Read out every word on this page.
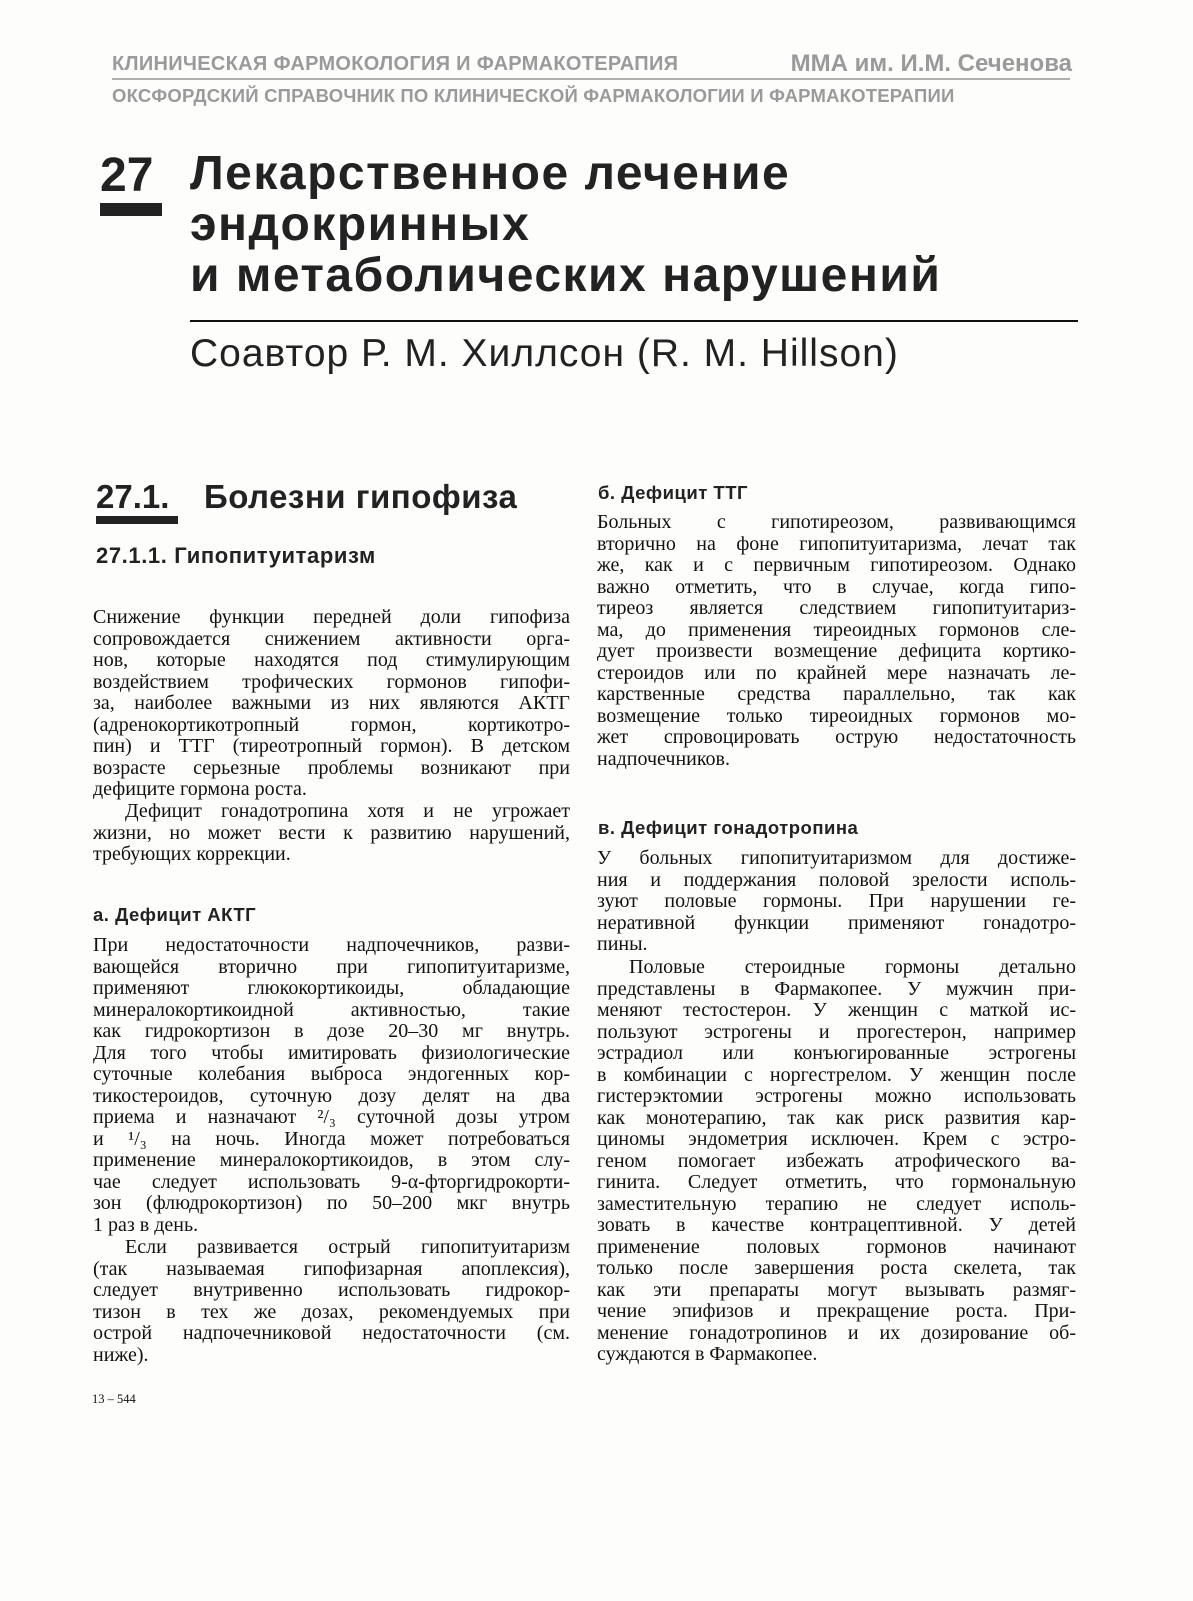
КЛИНИЧЕСКАЯ ФАРМОКОЛОГИЯ И ФАРМАКОТЕРАПИЯ	ММА им. И.М. Сеченова
ОКСФОРДСКИЙ СПРАВОЧНИК ПО КЛИНИЧЕСКОЙ ФАРМАКОЛОГИИ И ФАРМАКОТЕРАПИИ
27 Лекарственное лечение
эндокринных
и метаболических нарушений
Соавтор Р. М. Хиллсон (R. M. Hillson)
27.1. Болезни гипофиза
27.1.1. Гипопитуитаризм
Снижение функции передней доли гипофиза
сопровождается снижением активности орга-
нов, которые находятся под стимулирующим
воздействием трофических гормонов гипофи-
за, наиболее важными из них являются АКТГ
(адренокортикотропный гормон, кортикотро-
пин) и ТТГ (тиреотропный гормон). В детском
возрасте серьезные проблемы возникают при
дефиците гормона роста.
Дефицит гонадотропина хотя и не угрожает
жизни, но может вести к развитию нарушений,
требующих коррекции.
а. Дефицит АКТГ
При недостаточности надпочечников, разви-
вающейся вторично при гипопитуитаризме,
применяют глюкокортикоиды, обладающие
минералокортикоидной активностью, такие
как гидрокортизон в дозе 20–30 мг внутрь.
Для того чтобы имитировать физиологические
суточные колебания выброса эндогенных кор-
тикостероидов, суточную дозу делят на два
приема и назначают ²/₃ суточной дозы утром
и ¹/₃ на ночь. Иногда может потребоваться
применение минералокортикоидов, в этом слу-
чае следует использовать 9-α-фторгидрокорти-
зон (флюдрокортизон) по 50–200 мкг внутрь
1 раз в день.
Если развивается острый гипопитуитаризм
(так называемая гипофизарная апоплексия),
следует внутривенно использовать гидрокор-
тизон в тех же дозах, рекомендуемых при
острой надпочечниковой недостаточности (см.
ниже).
б. Дефицит ТТГ
Больных с гипотиреозом, развивающимся
вторично на фоне гипопитуитаризма, лечат так
же, как и с первичным гипотиреозом. Однако
важно отметить, что в случае, когда гипо-
тиреоз является следствием гипопитуитариз-
ма, до применения тиреоидных гормонов сле-
дует произвести возмещение дефицита кортико-
стероидов или по крайней мере назначать ле-
карственные средства параллельно, так как
возмещение только тиреоидных гормонов мо-
жет спровоцировать острую недостаточность
надпочечников.
в. Дефицит гонадотропина
У больных гипопитуитаризмом для достиже-
ния и поддержания половой зрелости исполь-
зуют половые гормоны. При нарушении ге-
неративной функции применяют гонадотро-
пины.
Половые стероидные гормоны детально
представлены в Фармакопее. У мужчин при-
меняют тестостерон. У женщин с маткой ис-
пользуют эстрогены и прогестерон, например
эстрадиол или конъюгированные эстрогены
в комбинации с норгестрелом. У женщин после
гистерэктомии эстрогены можно использовать
как монотерапию, так как риск развития кар-
циномы эндометрия исключен. Крем с эстро-
геном помогает избежать атрофического ва-
гинита. Следует отметить, что гормональную
заместительную терапию не следует исполь-
зовать в качестве контрацептивной. У детей
применение половых гормонов начинают
только после завершения роста скелета, так
как эти препараты могут вызывать размяг-
чение эпифизов и прекращение роста. При-
менение гонадотропинов и их дозирование об-
суждаются в Фармакопее.
13 – 544
